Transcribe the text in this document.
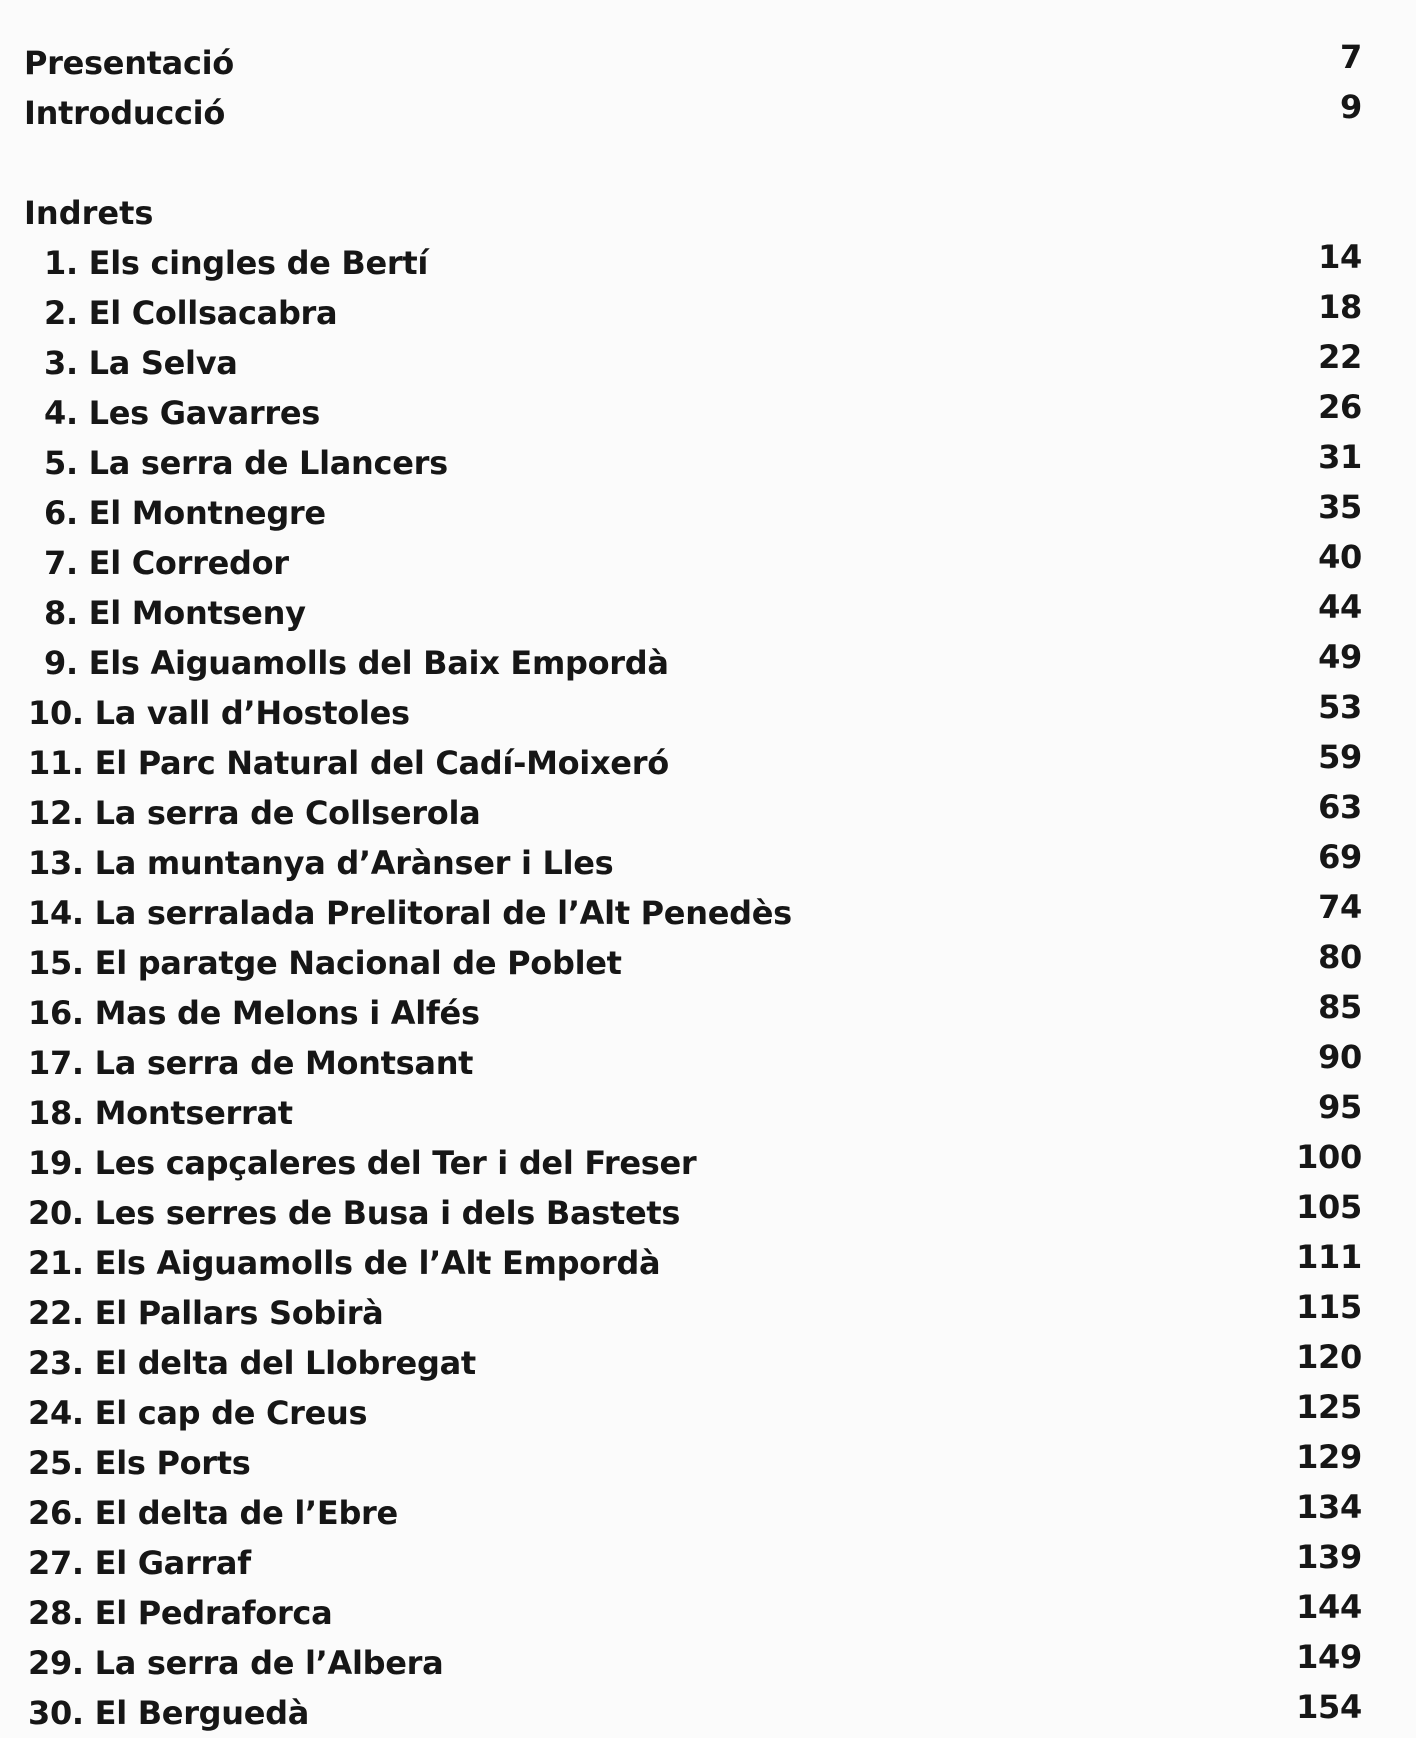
Presentació	7
Introducció	9
Indrets
1. Els cingles de Bertí	14
2. El Collsacabra	18
3. La Selva	22
4. Les Gavarres	26
5. La serra de Llancers	31
6. El Montnegre	35
7. El Corredor	40
8. El Montseny	44
9. Els Aiguamolls del Baix Empordà	49
10. La vall d’Hostoles	53
11. El Parc Natural del Cadí-Moixeró	59
12. La serra de Collserola	63
13. La muntanya d’Arànser i Lles	69
14. La serralada Prelitoral de l’Alt Penedès	74
15. El paratge Nacional de Poblet	80
16. Mas de Melons i Alfés	85
17. La serra de Montsant	90
18. Montserrat	95
19. Les capçaleres del Ter i del Freser	100
20. Les serres de Busa i dels Bastets	105
21. Els Aiguamolls de l’Alt Empordà	111
22. El Pallars Sobirà	115
23. El delta del Llobregat	120
24. El cap de Creus	125
25. Els Ports	129
26. El delta de l’Ebre	134
27. El Garraf	139
28. El Pedraforca	144
29. La serra de l’Albera	149
30. El Berguedà	154
